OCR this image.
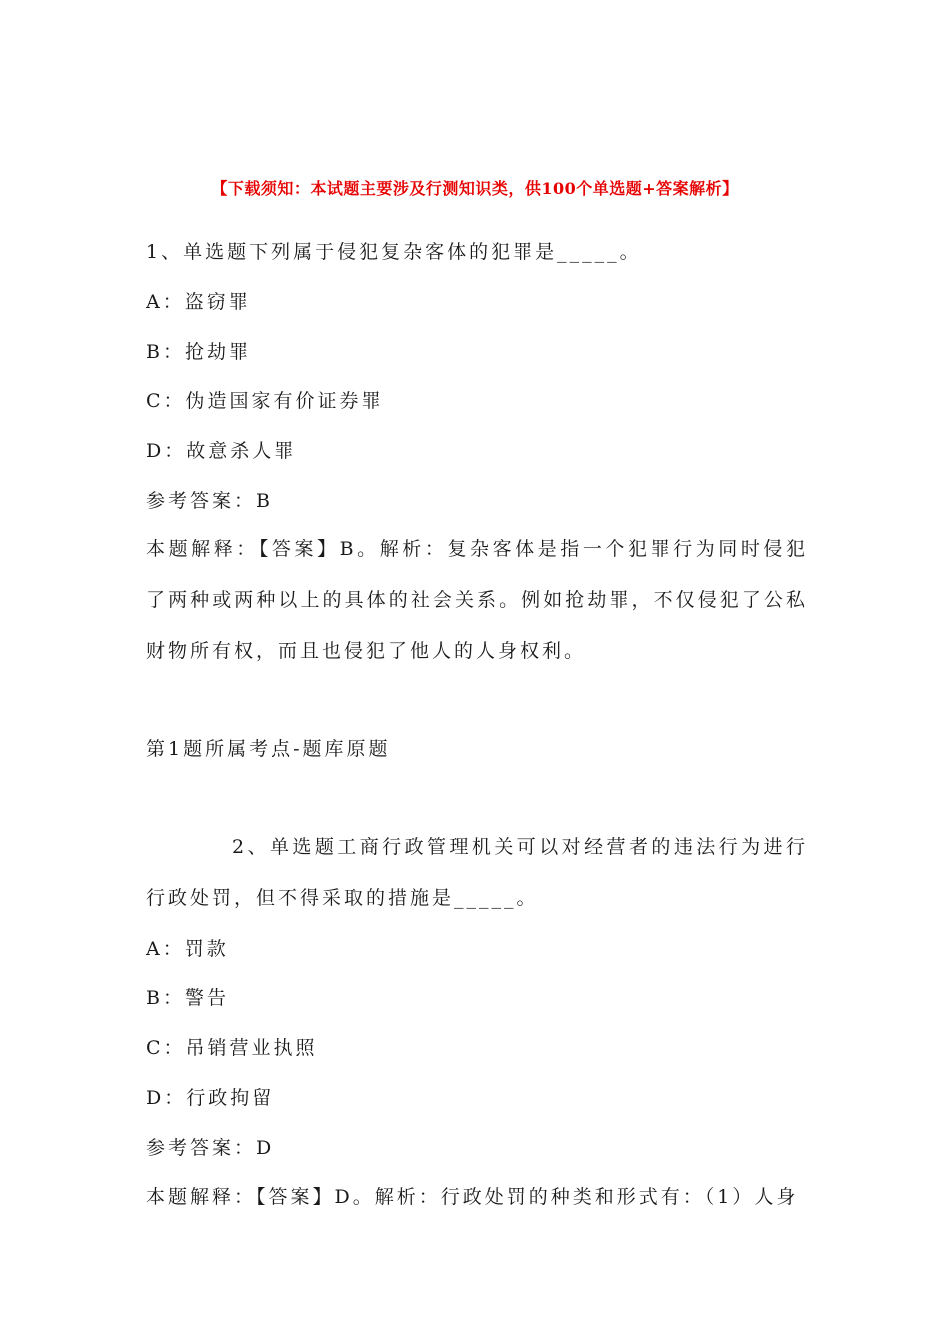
【下载须知：本试题主要涉及行测知识类，供100个单选题+答案解析】
1、单选题下列属于侵犯复杂客体的犯罪是_____。
A：盗窃罪
B：抢劫罪
C：伪造国家有价证券罪
D：故意杀人罪
参考答案：B
本题解释：【答案】B。解析：复杂客体是指一个犯罪行为同时侵犯了两种或两种以上的具体的社会关系。例如抢劫罪，不仅侵犯了公私财物所有权，而且也侵犯了他人的人身权利。
第1题所属考点-题库原题
2、单选题工商行政管理机关可以对经营者的违法行为进行行政处罚，但不得采取的措施是_____。
A：罚款
B：警告
C：吊销营业执照
D：行政拘留
参考答案：D
本题解释：【答案】D。解析：行政处罚的种类和形式有：（1）人身
